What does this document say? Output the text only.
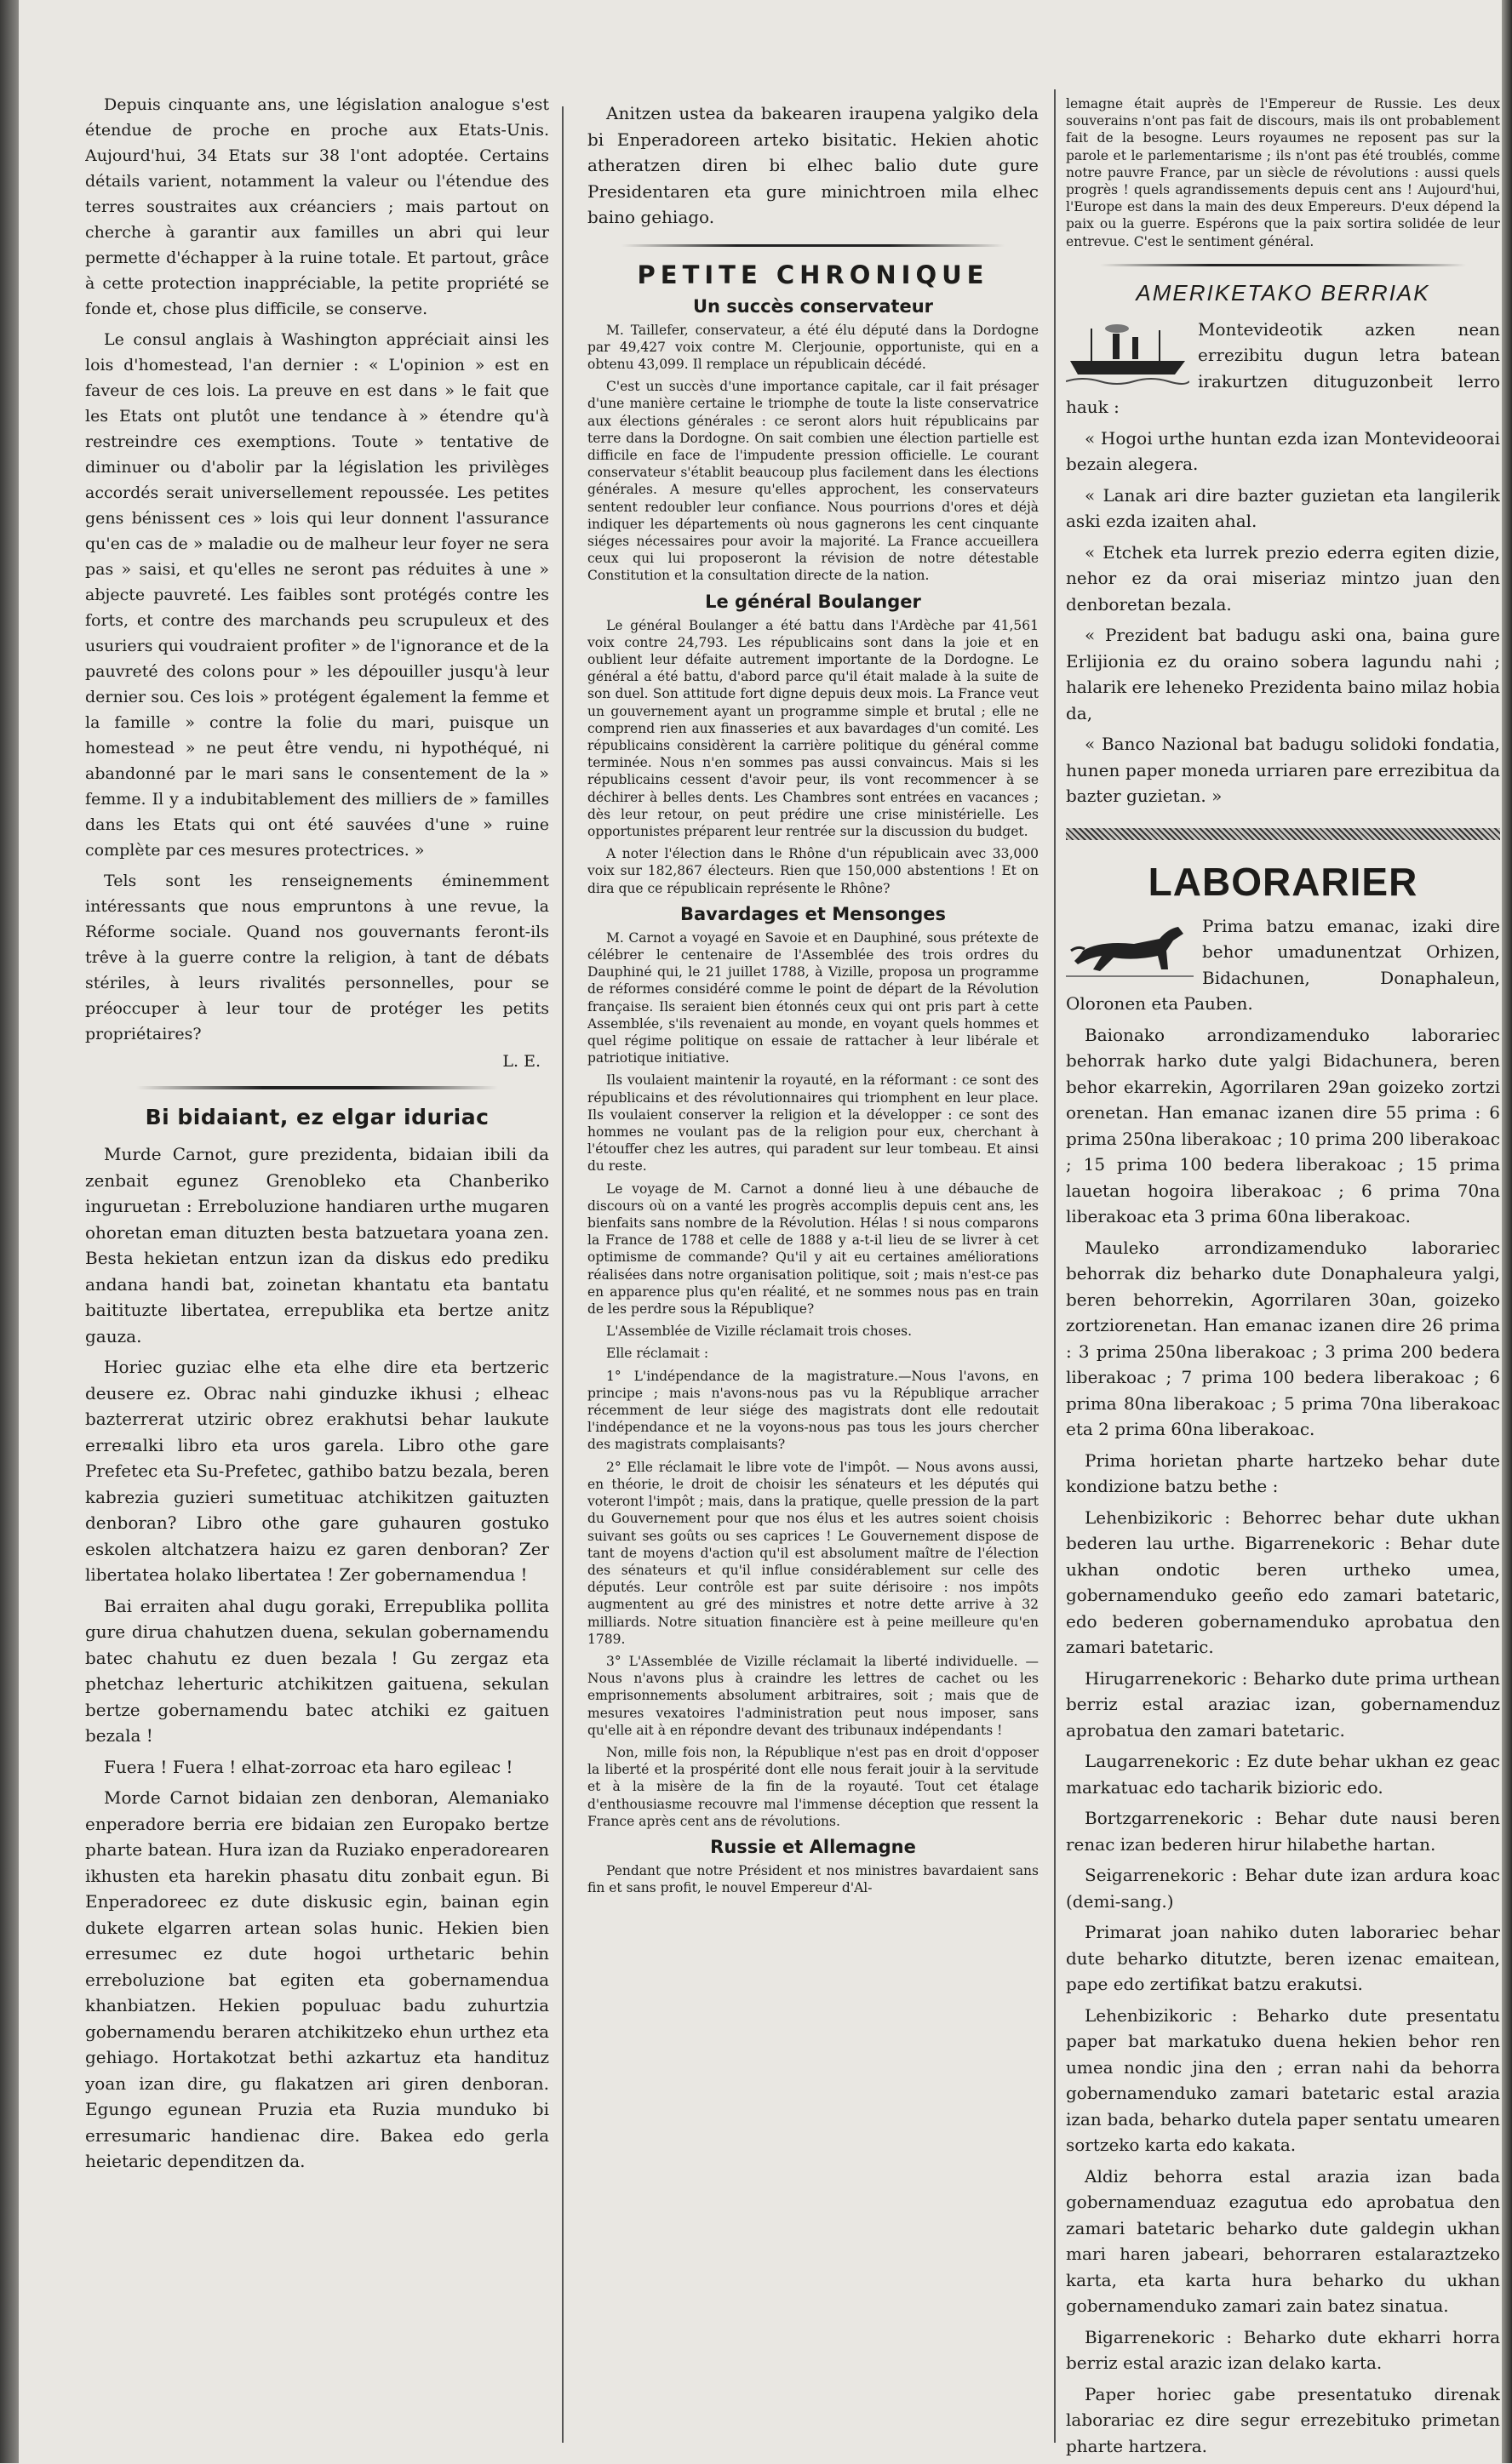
Depuis cinquante ans, une législation analogue s'est étendue de proche en proche aux Etats-Unis. Aujourd'hui, 34 Etats sur 38 l'ont adoptée. Certains détails varient, notamment la valeur ou l'étendue des terres soustraites aux créanciers ; mais partout on cherche à garantir aux familles un abri qui leur permette d'échapper à la ruine totale. Et partout, grâce à cette protection inappréciable, la petite propriété se fonde et, chose plus difficile, se conserve.

Le consul anglais à Washington appréciait ainsi les lois d'homestead, l'an dernier : « L'opinion » est en faveur de ces lois. La preuve en est dans » le fait que les Etats ont plutôt une tendance à » étendre qu'à restreindre ces exemptions. Toute » tentative de diminuer ou d'abolir par la législation les privilèges accordés serait universellement repoussée. Les petites gens bénissent ces » lois qui leur donnent l'assurance qu'en cas de » maladie ou de malheur leur foyer ne sera pas » saisi, et qu'elles ne seront pas réduites à une » abjecte pauvreté. Les faibles sont protégés contre les forts, et contre des marchands peu scrupuleux et des usuriers qui voudraient profiter » de l'ignorance et de la pauvreté des colons pour » les dépouiller jusqu'à leur dernier sou. Ces lois » protégent également la femme et la famille » contre la folie du mari, puisque un homestead » ne peut être vendu, ni hypothéqué, ni abandonné par le mari sans le consentement de la » femme. Il y a indubitablement des milliers de » familles dans les Etats qui ont été sauvées d'une » ruine complète par ces mesures protectrices. »

Tels sont les renseignements éminemment intéressants que nous empruntons à une revue, la Réforme sociale. Quand nos gouvernants feront-ils trêve à la guerre contre la religion, à tant de débats stériles, à leurs rivalités personnelles, pour se préoccuper à leur tour de protéger les petits propriétaires?

L. E.
Bi bidaiant, ez elgar iduriac

Murde Carnot, gure prezidenta, bidaian ibili da zenbait egunez Grenobleko eta Chanberiko inguruetan : Erreboluzione handiaren urthe mugaren ohoretan eman dituzten besta batzuetara yoana zen. Besta hekietan entzun izan da diskus edo prediku andana handi bat, zoinetan khantatu eta bantatu baitituzte libertatea, errepublika eta bertze anitz gauza.

Horiec guziac elhe eta elhe dire eta bertzeric deusere ez. Obrac nahi ginduzke ikhusi ; elheac bazterrerat utziric obrez erakhutsi behar laukute erre¤alki libro eta uros garela. Libro othe gare Prefetec eta Su-Prefetec, gathibo batzu bezala, beren kabrezia guzieri sumetituac atchikitzen gaituzten denboran? Libro othe gare guhauren gostuko eskolen altchatzera haizu ez garen denboran? Zer libertatea holako libertatea ! Zer gobernamendua !

Bai erraiten ahal dugu goraki, Errepublika pollita gure dirua chahutzen duena, sekulan gobernamendu batec chahutu ez duen bezala ! Gu zergaz eta phetchaz leherturic atchikitzen gaituena, sekulan bertze gobernamendu batec atchiki ez gaituen bezala !

Fuera ! Fuera ! elhat-zorroac eta haro egileac !

Morde Carnot bidaian zen denboran, Alemaniako enperadore berria ere bidaian zen Europako bertze pharte batean. Hura izan da Ruziako enperadorearen ikhusten eta harekin phasatu ditu zonbait egun. Bi Enperadoreec ez dute diskusic egin, bainan egin dukete elgarren artean solas hunic. Hekien bien erresumec ez dute hogoi urthetaric behin erreboluzione bat egiten eta gobernamendua khanbiatzen. Hekien populuac badu zuhurtzia gobernamendu beraren atchikitzeko ehun urthez eta gehiago. Hortakotzat bethi azkartuz eta handituz yoan izan dire, gu flakatzen ari giren denboran. Egungo egunean Pruzia eta Ruzia munduko bi erresumaric handienac dire. Bakea edo gerla heietaric dependitzen da.

Anitzen ustea da bakearen iraupena yalgiko dela bi Enperadoreen arteko bisitatic. Hekien ahotic atheratzen diren bi elhec balio dute gure Presidentaren eta gure minichtroen mila elhec baino gehiago.

PETITE CHRONIQUE
Un succès conservateur

M. Taillefer, conservateur, a été élu député dans la Dordogne par 49,427 voix contre M. Clerjounie, opportuniste, qui en a obtenu 43,099. Il remplace un républicain décédé.

C'est un succès d'une importance capitale, car il fait présager d'une manière certaine le triomphe de toute la liste conservatrice aux élections générales : ce seront alors huit républicains par terre dans la Dordogne. On sait combien une élection partielle est difficile en face de l'impudente pression officielle. Le courant conservateur s'établit beaucoup plus facilement dans les élections générales. A mesure qu'elles approchent, les conservateurs sentent redoubler leur confiance. Nous pourrions d'ores et déjà indiquer les départements où nous gagnerons les cent cinquante siéges nécessaires pour avoir la majorité. La France accueillera ceux qui lui proposeront la révision de notre détestable Constitution et la consultation directe de la nation.

Le général Boulanger

Le général Boulanger a été battu dans l'Ardèche par 41,561 voix contre 24,793. Les républicains sont dans la joie et en oublient leur défaite autrement importante de la Dordogne. Le général a été battu, d'abord parce qu'il était malade à la suite de son duel. Son attitude fort digne depuis deux mois. La France veut un gouvernement ayant un programme simple et brutal ; elle ne comprend rien aux finasseries et aux bavardages d'un comité. Les républicains considèrent la carrière politique du général comme terminée. Nous n'en sommes pas aussi convaincus. Mais si les républicains cessent d'avoir peur, ils vont recommencer à se déchirer à belles dents. Les Chambres sont entrées en vacances ; dès leur retour, on peut prédire une crise ministérielle. Les opportunistes préparent leur rentrée sur la discussion du budget.

A noter l'élection dans le Rhône d'un républicain avec 33,000 voix sur 182,867 électeurs. Rien que 150,000 abstentions ! Et on dira que ce républicain représente le Rhône?

Bavardages et Mensonges

M. Carnot a voyagé en Savoie et en Dauphiné, sous prétexte de célébrer le centenaire de l'Assemblée des trois ordres du Dauphiné qui, le 21 juillet 1788, à Vizille, proposa un programme de réformes considéré comme le point de départ de la Révolution française. Ils seraient bien étonnés ceux qui ont pris part à cette Assemblée, s'ils revenaient au monde, en voyant quels hommes et quel régime politique on essaie de rattacher à leur libérale et patriotique initiative.

Ils voulaient maintenir la royauté, en la réformant : ce sont des républicains et des révolutionnaires qui triomphent en leur place. Ils voulaient conserver la religion et la développer : ce sont des hommes ne voulant pas de la religion pour eux, cherchant à l'étouffer chez les autres, qui paradent sur leur tombeau. Et ainsi du reste.

Le voyage de M. Carnot a donné lieu à une débauche de discours où on a vanté les progrès accomplis depuis cent ans, les bienfaits sans nombre de la Révolution. Hélas ! si nous comparons la France de 1788 et celle de 1888 y a-t-il lieu de se livrer à cet optimisme de commande? Qu'il y ait eu certaines améliorations réalisées dans notre organisation politique, soit ; mais n'est-ce pas en apparence plus qu'en réalité, et ne sommes nous pas en train de les perdre sous la République?

L'Assemblée de Vizille réclamait trois choses.

Elle réclamait :

1° L'indépendance de la magistrature.—Nous l'avons, en principe ; mais n'avons-nous pas vu la République arracher récemment de leur siége des magistrats dont elle redoutait l'indépendance et ne la voyons-nous pas tous les jours chercher des magistrats complaisants?

2° Elle réclamait le libre vote de l'impôt. — Nous avons aussi, en théorie, le droit de choisir les sénateurs et les députés qui voteront l'impôt ; mais, dans la pratique, quelle pression de la part du Gouvernement pour que nos élus et les autres soient choisis suivant ses goûts ou ses caprices ! Le Gouvernement dispose de tant de moyens d'action qu'il est absolument maître de l'élection des sénateurs et qu'il influe considérablement sur celle des députés. Leur contrôle est par suite dérisoire : nos impôts augmentent au gré des ministres et notre dette arrive à 32 milliards. Notre situation financière est à peine meilleure qu'en 1789.

3° L'Assemblée de Vizille réclamait la liberté individuelle. — Nous n'avons plus à craindre les lettres de cachet ou les emprisonnements absolument arbitraires, soit ; mais que de mesures vexatoires l'administration peut nous imposer, sans qu'elle ait à en répondre devant des tribunaux indépendants !

Non, mille fois non, la République n'est pas en droit d'opposer la liberté et la prospérité dont elle nous ferait jouir à la servitude et à la misère de la fin de la royauté. Tout cet étalage d'enthousiasme recouvre mal l'immense déception que ressent la France après cent ans de révolutions.

Russie et Allemagne

Pendant que notre Président et nos ministres bavardaient sans fin et sans profit, le nouvel Empereur d'Al-

lemagne était auprès de l'Empereur de Russie. Les deux souverains n'ont pas fait de discours, mais ils ont probablement fait de la besogne. Leurs royaumes ne reposent pas sur la parole et le parlementarisme ; ils n'ont pas été troublés, comme notre pauvre France, par un siècle de révolutions : aussi quels progrès ! quels agrandissements depuis cent ans ! Aujourd'hui, l'Europe est dans la main des deux Empereurs. D'eux dépend la paix ou la guerre. Espérons que la paix sortira solidée de leur entrevue. C'est le sentiment général.

AMERIKETAKO BERRIAK

Montevideotik azken nean errezibitu dugun letra batean irakurtzen dituguzonbeit lerro hauk :

« Hogoi urthe huntan ezda izan Montevideoorai bezain alegera.

« Lanak ari dire bazter guzietan eta langilerik aski ezda izaiten ahal.

« Etchek eta lurrek prezio ederra egiten dizie, nehor ez da orai miseriaz mintzo juan den denboretan bezala.

« Prezident bat badugu aski ona, baina gure Erlijionia ez du oraino sobera lagundu nahi ; halarik ere leheneko Prezidenta baino milaz hobia da,

« Banco Nazional bat badugu solidoki fondatia, hunen paper moneda urriaren pare errezibitua da bazter guzietan. »

LABORARIER

Prima batzu emanac, izaki dire behor umadunentzat Orhizen, Bidachunen, Donaphaleun, Oloronen eta Pauben.

Baionako arrondizamenduko laborariec behorrak harko dute yalgi Bidachunera, beren behor ekarrekin, Agorrilaren 29an goizeko zortzi orenetan. Han emanac izanen dire 55 prima : 6 prima 250na liberakoac ; 10 prima 200 liberakoac ; 15 prima 100 bedera liberakoac ; 15 prima lauetan hogoira liberakoac ; 6 prima 70na liberakoac eta 3 prima 60na liberakoac.

Mauleko arrondizamenduko laborariec behorrak diz beharko dute Donaphaleura yalgi, beren behorrekin, Agorrilaren 30an, goizeko zortziorenetan. Han emanac izanen dire 26 prima : 3 prima 250na liberakoac ; 3 prima 200 bedera liberakoac ; 7 prima 100 bedera liberakoac ; 6 prima 80na liberakoac ; 5 prima 70na liberakoac eta 2 prima 60na liberakoac.

Prima horietan pharte hartzeko behar dute kondizione batzu bethe :

Lehenbizikoric : Behorrec behar dute ukhan bederen lau urthe. Bigarrenekoric : Behar dute ukhan ondotic beren urtheko umea, gobernamenduko geeño edo zamari batetaric, edo bederen gobernamenduko aprobatua den zamari batetaric.

Hirugarrenekoric : Beharko dute prima urthean berriz estal araziac izan, gobernamenduz aprobatua den zamari batetaric.

Laugarrenekoric : Ez dute behar ukhan ez geac markatuac edo tacharik bizioric edo.

Bortzgarrenekoric : Behar dute nausi beren renac izan bederen hirur hilabethe hartan.

Seigarrenekoric : Behar dute izan ardura koac (demi-sang.)

Primarat joan nahiko duten laborariec behar dute beharko ditutzte, beren izenac emaitean, pape edo zertifikat batzu erakutsi.

Lehenbizikoric : Beharko dute presentatu paper bat markatuko duena hekien behor ren umea nondic jina den ; erran nahi da behorra gobernamenduko zamari batetaric estal arazia izan bada, beharko dutela paper sentatu umearen sortzeko karta edo kakata.

Aldiz behorra estal arazia izan bada gobernamenduaz ezagutua edo aprobatua den zamari batetaric beharko dute galdegin ukhan mari haren jabeari, behorraren estalaraztzeko karta, eta karta hura beharko du ukhan gobernamenduko zamari zain batez sinatua.

Bigarrenekoric : Beharko dute ekharri horra berriz estal arazic izan delako karta.

Paper horiec gabe presentatuko direnak laborariac ez dire segur errezebituko primetan pharte hartzera.
